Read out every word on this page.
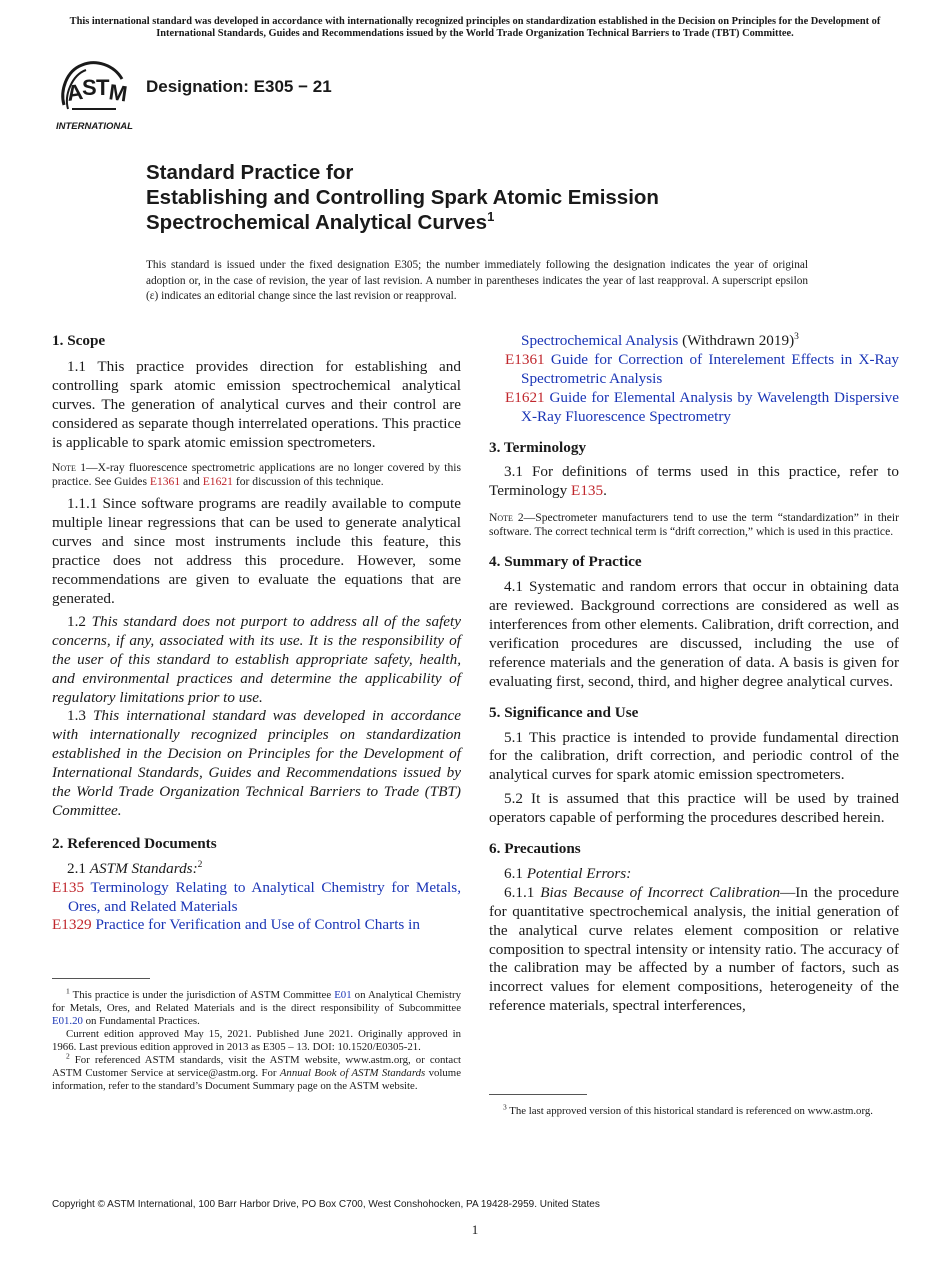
This international standard was developed in accordance with internationally recognized principles on standardization established in the Decision on Principles for the Development of International Standards, Guides and Recommendations issued by the World Trade Organization Technical Barriers to Trade (TBT) Committee.
A
S T
M
INTERNATIONAL
Designation: E305 − 21
Standard Practice for
Establishing and Controlling Spark Atomic Emission
Spectrochemical Analytical Curves$^1$
This standard is issued under the fixed designation E305; the number immediately following the designation indicates the year of original adoption or, in the case of revision, the year of last revision. A number in parentheses indicates the year of last reapproval. A superscript epsilon (ε) indicates an editorial change since the last revision or reapproval.

1. Scope

1.1 This practice provides direction for establishing and controlling spark atomic emission spectrochemical analytical curves. The generation of analytical curves and their control are considered as separate though interrelated operations. This practice is applicable to spark atomic emission spectrometers.

Note 1—X-ray fluorescence spectrometric applications are no longer covered by this practice. See Guides E1361 and E1621 for discussion of this technique.

1.1.1 Since software programs are readily available to compute multiple linear regressions that can be used to generate analytical curves and since most instruments include this feature, this practice does not address this procedure. However, some recommendations are given to evaluate the equations that are generated.

1.2 This standard does not purport to address all of the safety concerns, if any, associated with its use. It is the responsibility of the user of this standard to establish appropriate safety, health, and environmental practices and determine the applicability of regulatory limitations prior to use.

1.3 This international standard was developed in accordance with internationally recognized principles on standardization established in the Decision on Principles for the Development of International Standards, Guides and Recommendations issued by the World Trade Organization Technical Barriers to Trade (TBT) Committee.

2. Referenced Documents

2.1 ASTM Standards:$^2$

E135 Terminology Relating to Analytical Chemistry for Metals, Ores, and Related Materials

E1329 Practice for Verification and Use of Control Charts in

$^1$ This practice is under the jurisdiction of ASTM Committee E01 on Analytical Chemistry for Metals, Ores, and Related Materials and is the direct responsibility of Subcommittee E01.20 on Fundamental Practices.

Current edition approved May 15, 2021. Published June 2021. Originally approved in 1966. Last previous edition approved in 2013 as E305 – 13. DOI: 10.1520/E0305-21.

$^2$ For referenced ASTM standards, visit the ASTM website, www.astm.org, or contact ASTM Customer Service at service@astm.org. For Annual Book of ASTM Standards volume information, refer to the standard’s Document Summary page on the ASTM website.

Spectrochemical Analysis (Withdrawn 2019)$^3$

E1361 Guide for Correction of Interelement Effects in X-Ray Spectrometric Analysis

E1621 Guide for Elemental Analysis by Wavelength Dispersive X-Ray Fluorescence Spectrometry

3. Terminology

3.1 For definitions of terms used in this practice, refer to Terminology E135.

Note 2—Spectrometer manufacturers tend to use the term “standardization” in their software. The correct technical term is “drift correction,” which is used in this practice.

4. Summary of Practice

4.1 Systematic and random errors that occur in obtaining data are reviewed. Background corrections are considered as well as interferences from other elements. Calibration, drift correction, and verification procedures are discussed, including the use of reference materials and the generation of data. A basis is given for evaluating first, second, third, and higher degree analytical curves.

5. Significance and Use

5.1 This practice is intended to provide fundamental direction for the calibration, drift correction, and periodic control of the analytical curves for spark atomic emission spectrometers.

5.2 It is assumed that this practice will be used by trained operators capable of performing the procedures described herein.

6. Precautions

6.1 Potential Errors:

6.1.1 Bias Because of Incorrect Calibration—In the procedure for quantitative spectrochemical analysis, the initial generation of the analytical curve relates element composition or relative composition to spectral intensity or intensity ratio. The accuracy of the calibration may be affected by a number of factors, such as incorrect values for element compositions, heterogeneity of the reference materials, spectral interferences,

$^3$ The last approved version of this historical standard is referenced on www.astm.org.

Copyright © ASTM International, 100 Barr Harbor Drive, PO Box C700, West Conshohocken, PA 19428-2959. United States
1
